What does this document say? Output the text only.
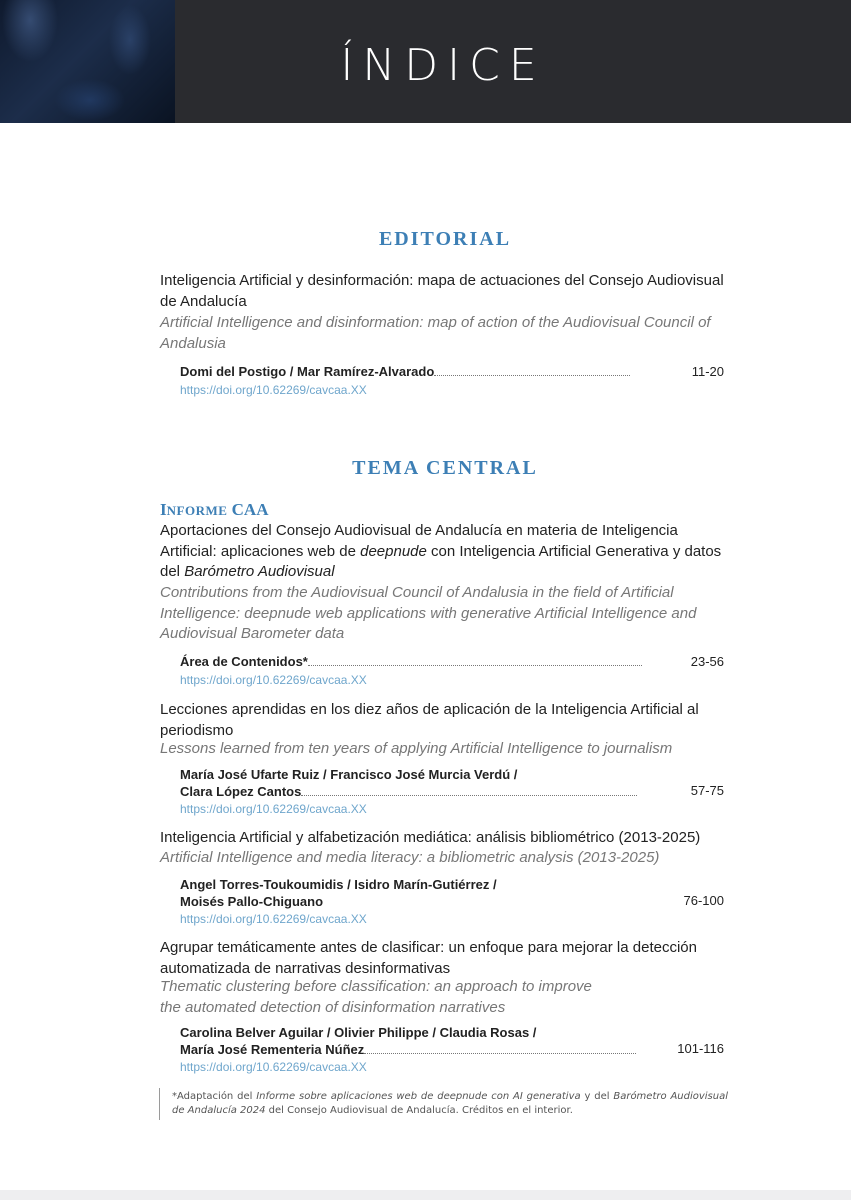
ÍNDICE
EDITORIAL

Inteligencia Artificial y desinformación: mapa de actuaciones del Consejo Audiovisual de Andalucía

Artificial Intelligence and disinformation: map of action of the Audiovisual Council of Andalusia

Domi del Postigo / Mar Ramírez-Alvarado	11-20

https://doi.org/10.62269/cavcaa.XX
TEMA CENTRAL

INFORME CAA

Aportaciones del Consejo Audiovisual de Andalucía en materia de Inteligencia Artificial: aplicaciones web de deepnude con Inteligencia Artificial Generativa y datos del Barómetro Audiovisual

Contributions from the Audiovisual Council of Andalusia in the field of Artificial Intelligence: deepnude web applications with generative Artificial Intelligence and Audiovisual Barometer data

Área de Contenidos*	23-56

https://doi.org/10.62269/cavcaa.XX

Lecciones aprendidas en los diez años de aplicación de la Inteligencia Artificial al periodismo

Lessons learned from ten years of applying Artificial Intelligence to journalism

María José Ufarte Ruiz / Francisco José Murcia Verdú /
Clara López Cantos	57-75

https://doi.org/10.62269/cavcaa.XX

Inteligencia Artificial y alfabetización mediática: análisis bibliométrico (2013-2025)

Artificial Intelligence and media literacy: a bibliometric analysis (2013-2025)

Angel Torres-Toukoumidis / Isidro Marín-Gutiérrez /
Moisés Pallo-Chiguano	76-100

https://doi.org/10.62269/cavcaa.XX

Agrupar temáticamente antes de clasificar: un enfoque para mejorar la detección automatizada de narrativas desinformativas

Thematic clustering before classification: an approach to improve
the automated detection of disinformation narratives

Carolina Belver Aguilar / Olivier Philippe / Claudia Rosas /
María José Rementeria Núñez	101-116

https://doi.org/10.62269/cavcaa.XX

*Adaptación del Informe sobre aplicaciones web de deepnude con AI generativa y del Barómetro Audiovisual de Andalucía 2024 del Consejo Audiovisual de Andalucía. Créditos en el interior.
